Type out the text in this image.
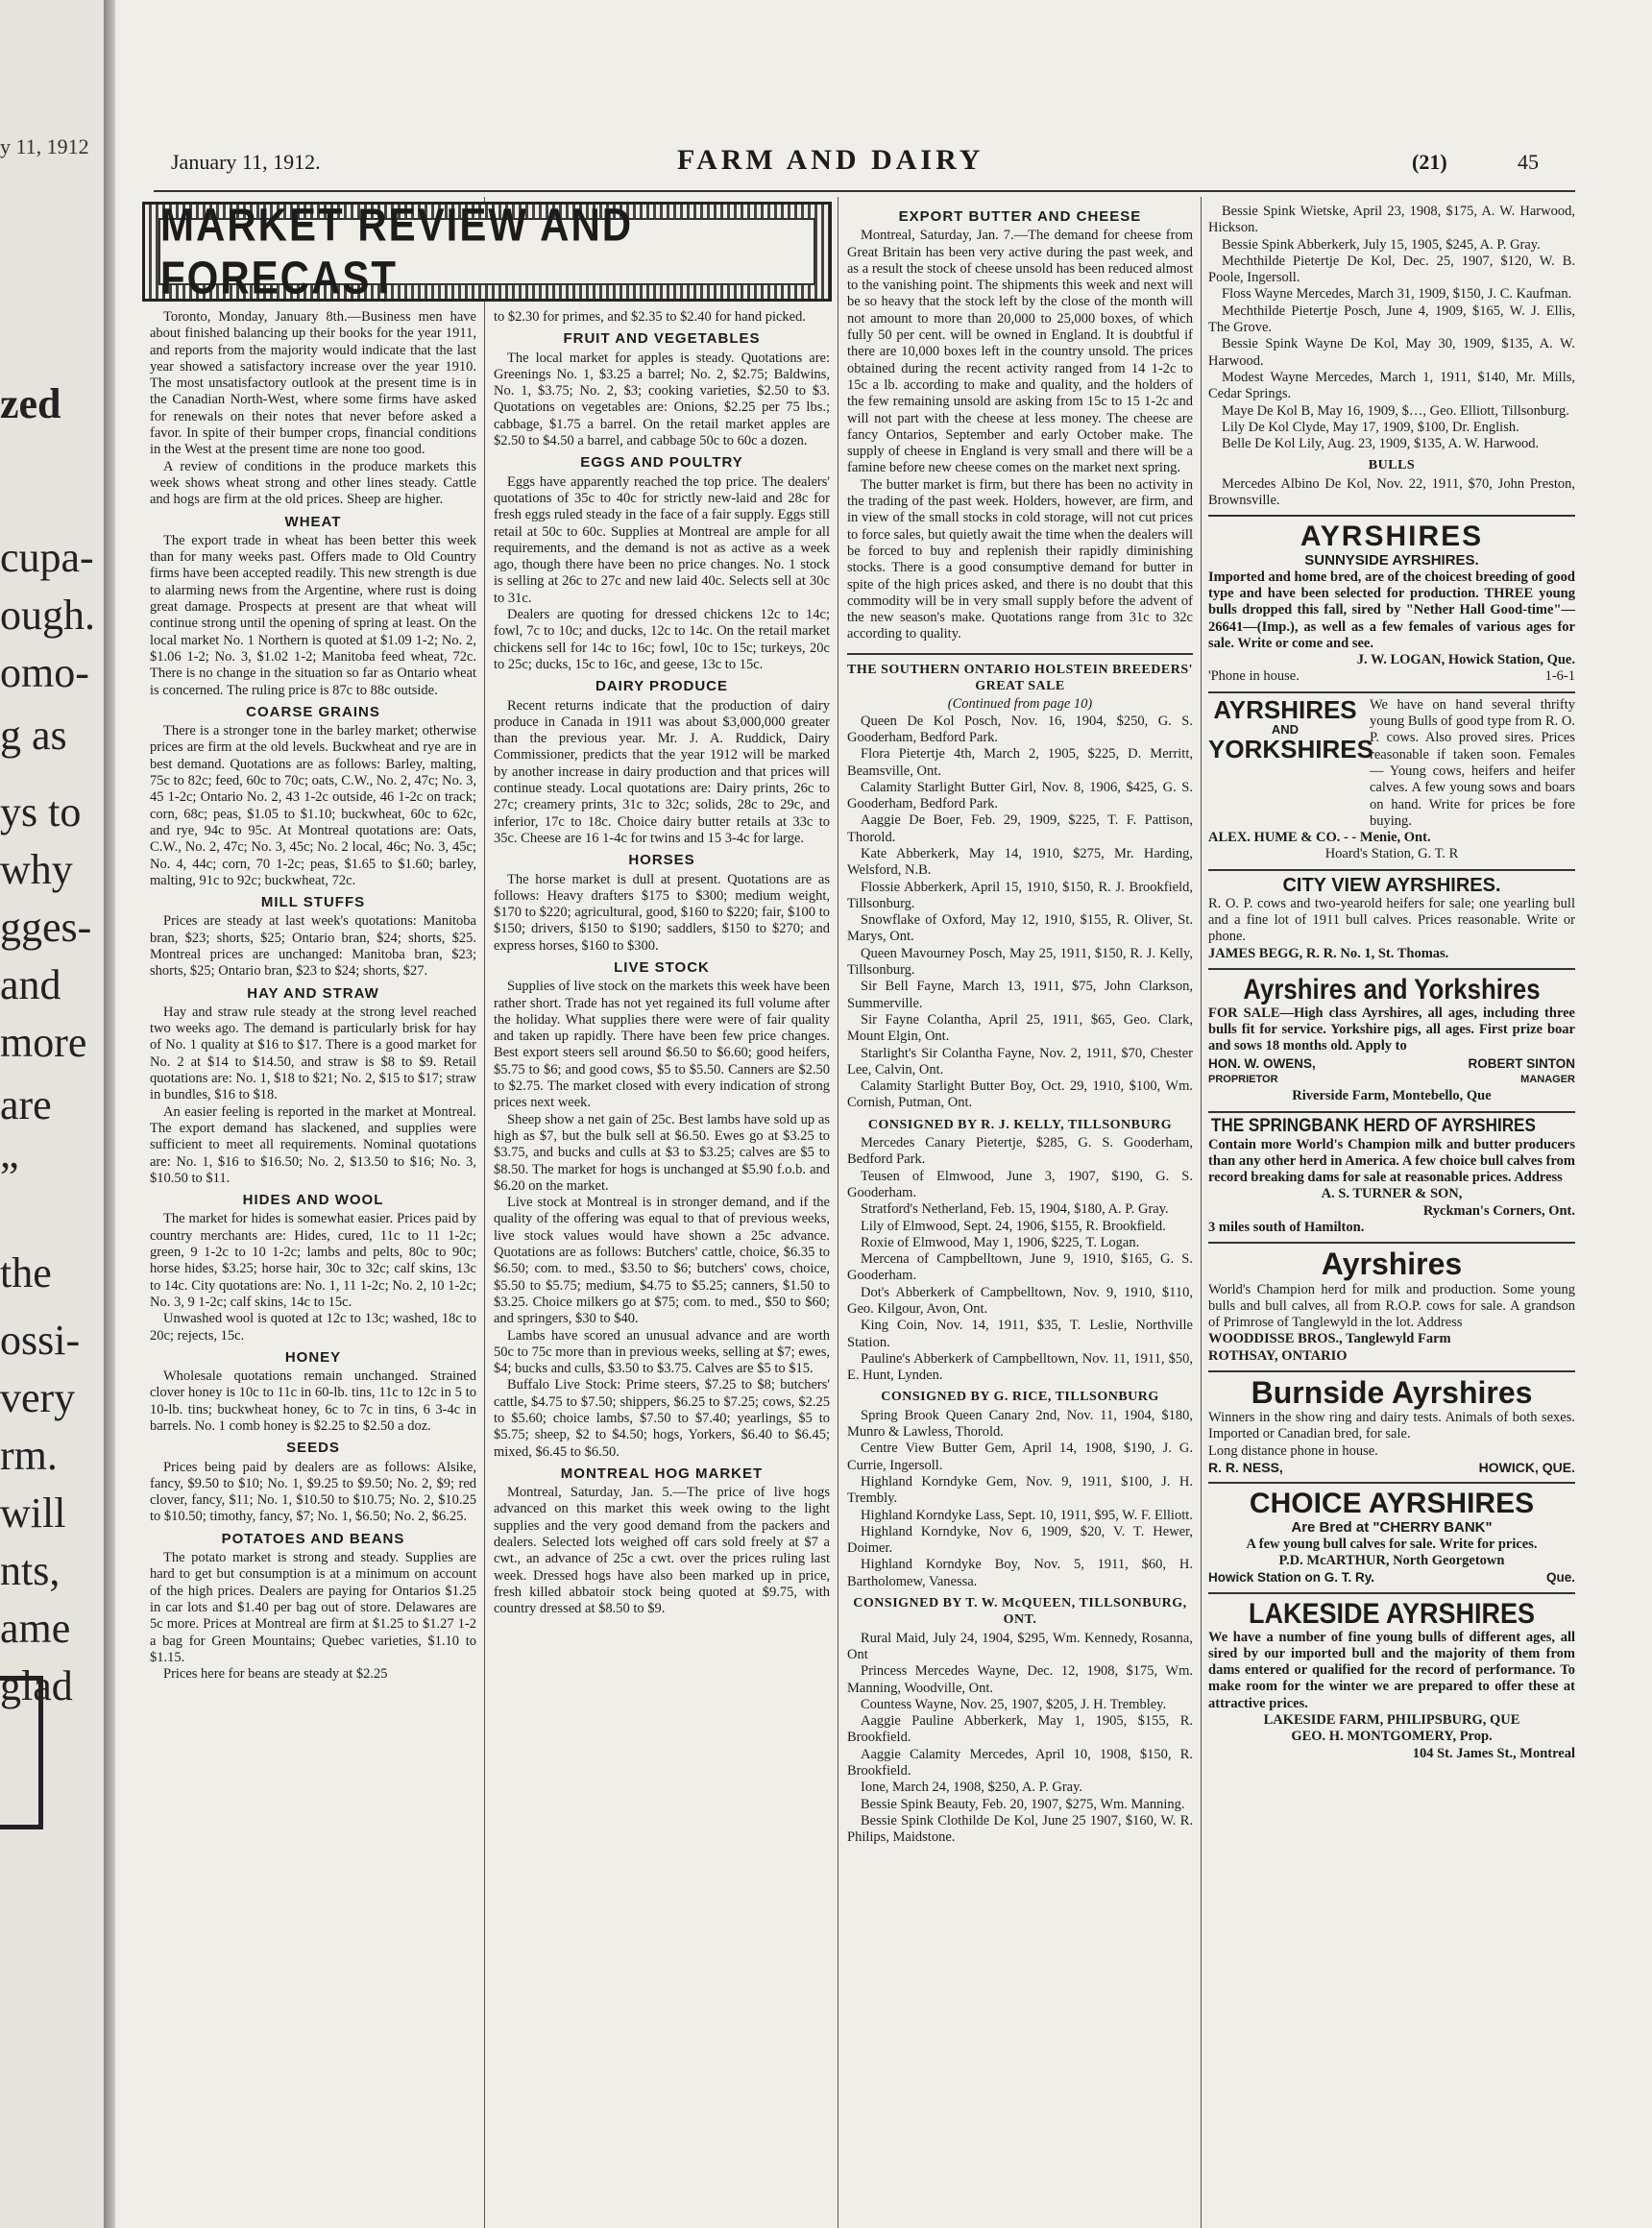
y 11, 1912
zed
cupa-
ough.
omo-
g as
ys to
why
gges-
and
more
are
”
the
ossi-
very
rm.
will
nts,
ame
glad
January 11, 1912.	FARM AND DAIRY	(21)	45
MARKET REVIEW AND FORECAST

Toronto, Monday, January 8th.—Business men have about finished balancing up their books for the year 1911, and reports from the majority would indicate that the last year showed a satisfactory increase over the year 1910. The most unsatisfactory outlook at the present time is in the Canadian North-West, where some firms have asked for renewals on their notes that never before asked a favor. In spite of their bumper crops, financial conditions in the West at the present time are none too good.

A review of conditions in the produce markets this week shows wheat strong and other lines steady. Cattle and hogs are firm at the old prices. Sheep are higher.

WHEAT

The export trade in wheat has been better this week than for many weeks past. Offers made to Old Country firms have been accepted readily. This new strength is due to alarming news from the Argentine, where rust is doing great damage. Prospects at present are that wheat will continue strong until the opening of spring at least. On the local market No. 1 Northern is quoted at $1.09 1-2; No. 2, $1.06 1-2; No. 3, $1.02 1-2; Manitoba feed wheat, 72c. There is no change in the situation so far as Ontario wheat is concerned. The ruling price is 87c to 88c outside.

COARSE GRAINS

There is a stronger tone in the barley market; otherwise prices are firm at the old levels. Buckwheat and rye are in best demand. Quotations are as follows: Barley, malting, 75c to 82c; feed, 60c to 70c; oats, C.W., No. 2, 47c; No. 3, 45 1-2c; Ontario No. 2, 43 1-2c outside, 46 1-2c on track; corn, 68c; peas, $1.05 to $1.10; buckwheat, 60c to 62c, and rye, 94c to 95c. At Montreal quotations are: Oats, C.W., No. 2, 47c; No. 3, 45c; No. 2 local, 46c; No. 3, 45c; No. 4, 44c; corn, 70 1-2c; peas, $1.65 to $1.60; barley, malting, 91c to 92c; buckwheat, 72c.

MILL STUFFS

Prices are steady at last week's quotations: Manitoba bran, $23; shorts, $25; Ontario bran, $24; shorts, $25. Montreal prices are unchanged: Manitoba bran, $23; shorts, $25; Ontario bran, $23 to $24; shorts, $27.

HAY AND STRAW

Hay and straw rule steady at the strong level reached two weeks ago. The demand is particularly brisk for hay of No. 1 quality at $16 to $17. There is a good market for No. 2 at $14 to $14.50, and straw is $8 to $9. Retail quotations are: No. 1, $18 to $21; No. 2, $15 to $17; straw in bundles, $16 to $18.

An easier feeling is reported in the market at Montreal. The export demand has slackened, and supplies were sufficient to meet all requirements. Nominal quotations are: No. 1, $16 to $16.50; No. 2, $13.50 to $16; No. 3, $10.50 to $11.

HIDES AND WOOL

The market for hides is somewhat easier. Prices paid by country merchants are: Hides, cured, 11c to 11 1-2c; green, 9 1-2c to 10 1-2c; lambs and pelts, 80c to 90c; horse hides, $3.25; horse hair, 30c to 32c; calf skins, 13c to 14c. City quotations are: No. 1, 11 1-2c; No. 2, 10 1-2c; No. 3, 9 1-2c; calf skins, 14c to 15c.

Unwashed wool is quoted at 12c to 13c; washed, 18c to 20c; rejects, 15c.

HONEY

Wholesale quotations remain unchanged. Strained clover honey is 10c to 11c in 60-lb. tins, 11c to 12c in 5 to 10-lb. tins; buckwheat honey, 6c to 7c in tins, 6 3-4c in barrels. No. 1 comb honey is $2.25 to $2.50 a doz.

SEEDS

Prices being paid by dealers are as follows: Alsike, fancy, $9.50 to $10; No. 1, $9.25 to $9.50; No. 2, $9; red clover, fancy, $11; No. 1, $10.50 to $10.75; No. 2, $10.25 to $10.50; timothy, fancy, $7; No. 1, $6.50; No. 2, $6.25.

POTATOES AND BEANS

The potato market is strong and steady. Supplies are hard to get but consumption is at a minimum on account of the high prices. Dealers are paying for Ontarios $1.25 in car lots and $1.40 per bag out of store. Delawares are 5c more. Prices at Montreal are firm at $1.25 to $1.27 1-2 a bag for Green Mountains; Quebec varieties, $1.10 to $1.15.

Prices here for beans are steady at $2.25

to $2.30 for primes, and $2.35 to $2.40 for hand picked.

FRUIT AND VEGETABLES

The local market for apples is steady. Quotations are: Greenings No. 1, $3.25 a barrel; No. 2, $2.75; Baldwins, No. 1, $3.75; No. 2, $3; cooking varieties, $2.50 to $3. Quotations on vegetables are: Onions, $2.25 per 75 lbs.; cabbage, $1.75 a barrel. On the retail market apples are $2.50 to $4.50 a barrel, and cabbage 50c to 60c a dozen.

EGGS AND POULTRY

Eggs have apparently reached the top price. The dealers' quotations of 35c to 40c for strictly new-laid and 28c for fresh eggs ruled steady in the face of a fair supply. Eggs still retail at 50c to 60c. Supplies at Montreal are ample for all requirements, and the demand is not as active as a week ago, though there have been no price changes. No. 1 stock is selling at 26c to 27c and new laid 40c. Selects sell at 30c to 31c.

Dealers are quoting for dressed chickens 12c to 14c; fowl, 7c to 10c; and ducks, 12c to 14c. On the retail market chickens sell for 14c to 16c; fowl, 10c to 15c; turkeys, 20c to 25c; ducks, 15c to 16c, and geese, 13c to 15c.

DAIRY PRODUCE

Recent returns indicate that the production of dairy produce in Canada in 1911 was about $3,000,000 greater than the previous year. Mr. J. A. Ruddick, Dairy Commissioner, predicts that the year 1912 will be marked by another increase in dairy production and that prices will continue steady. Local quotations are: Dairy prints, 26c to 27c; creamery prints, 31c to 32c; solids, 28c to 29c, and inferior, 17c to 18c. Choice dairy butter retails at 33c to 35c. Cheese are 16 1-4c for twins and 15 3-4c for large.

HORSES

The horse market is dull at present. Quotations are as follows: Heavy drafters $175 to $300; medium weight, $170 to $220; agricultural, good, $160 to $220; fair, $100 to $150; drivers, $150 to $190; saddlers, $150 to $270; and express horses, $160 to $300.

LIVE STOCK

Supplies of live stock on the markets this week have been rather short. Trade has not yet regained its full volume after the holiday. What supplies there were were of fair quality and taken up rapidly. There have been few price changes. Best export steers sell around $6.50 to $6.60; good heifers, $5.75 to $6; and good cows, $5 to $5.50. Canners are $2.50 to $2.75. The market closed with every indication of strong prices next week.

Sheep show a net gain of 25c. Best lambs have sold up as high as $7, but the bulk sell at $6.50. Ewes go at $3.25 to $3.75, and bucks and culls at $3 to $3.25; calves are $5 to $8.50. The market for hogs is unchanged at $5.90 f.o.b. and $6.20 on the market.

Live stock at Montreal is in stronger demand, and if the quality of the offering was equal to that of previous weeks, live stock values would have shown a 25c advance. Quotations are as follows: Butchers' cattle, choice, $6.35 to $6.50; com. to med., $3.50 to $6; butchers' cows, choice, $5.50 to $5.75; medium, $4.75 to $5.25; canners, $1.50 to $3.25. Choice milkers go at $75; com. to med., $50 to $60; and springers, $30 to $40.

Lambs have scored an unusual advance and are worth 50c to 75c more than in previous weeks, selling at $7; ewes, $4; bucks and culls, $3.50 to $3.75. Calves are $5 to $15.

Buffalo Live Stock: Prime steers, $7.25 to $8; butchers' cattle, $4.75 to $7.50; shippers, $6.25 to $7.25; cows, $2.25 to $5.60; choice lambs, $7.50 to $7.40; yearlings, $5 to $5.75; sheep, $2 to $4.50; hogs, Yorkers, $6.40 to $6.45; mixed, $6.45 to $6.50.

MONTREAL HOG MARKET

Montreal, Saturday, Jan. 5.—The price of live hogs advanced on this market this week owing to the light supplies and the very good demand from the packers and dealers. Selected lots weighed off cars sold freely at $7 a cwt., an advance of 25c a cwt. over the prices ruling last week. Dressed hogs have also been marked up in price, fresh killed abbatoir stock being quoted at $9.75, with country dressed at $8.50 to $9.

EXPORT BUTTER AND CHEESE

Montreal, Saturday, Jan. 7.—The demand for cheese from Great Britain has been very active during the past week, and as a result the stock of cheese unsold has been reduced almost to the vanishing point. The shipments this week and next will be so heavy that the stock left by the close of the month will not amount to more than 20,000 to 25,000 boxes, of which fully 50 per cent. will be owned in England. It is doubtful if there are 10,000 boxes left in the country unsold. The prices obtained during the recent activity ranged from 14 1-2c to 15c a lb. according to make and quality, and the holders of the few remaining unsold are asking from 15c to 15 1-2c and will not part with the cheese at less money. The cheese are fancy Ontarios, September and early October make. The supply of cheese in England is very small and there will be a famine before new cheese comes on the market next spring.

The butter market is firm, but there has been no activity in the trading of the past week. Holders, however, are firm, and in view of the small stocks in cold storage, will not cut prices to force sales, but quietly await the time when the dealers will be forced to buy and replenish their rapidly diminishing stocks. There is a good consumptive demand for butter in spite of the high prices asked, and there is no doubt that this commodity will be in very small supply before the advent of the new season's make. Quotations range from 31c to 32c according to quality.

THE SOUTHERN ONTARIO HOLSTEIN BREEDERS' GREAT SALE
(Continued from page 10)

Queen De Kol Posch, Nov. 16, 1904, $250, G. S. Gooderham, Bedford Park.

Flora Pietertje 4th, March 2, 1905, $225, D. Merritt, Beamsville, Ont.

Calamity Starlight Butter Girl, Nov. 8, 1906, $425, G. S. Gooderham, Bedford Park.

Aaggie De Boer, Feb. 29, 1909, $225, T. F. Pattison, Thorold.

Kate Abberkerk, May 14, 1910, $275, Mr. Harding, Welsford, N.B.

Flossie Abberkerk, April 15, 1910, $150, R. J. Brookfield, Tillsonburg.

Snowflake of Oxford, May 12, 1910, $155, R. Oliver, St. Marys, Ont.

Queen Mavourney Posch, May 25, 1911, $150, R. J. Kelly, Tillsonburg.

Sir Bell Fayne, March 13, 1911, $75, John Clarkson, Summerville.

Sir Fayne Colantha, April 25, 1911, $65, Geo. Clark, Mount Elgin, Ont.

Starlight's Sir Colantha Fayne, Nov. 2, 1911, $70, Chester Lee, Calvin, Ont.

Calamity Starlight Butter Boy, Oct. 29, 1910, $100, Wm. Cornish, Putman, Ont.

CONSIGNED BY R. J. KELLY, TILLSONBURG

Mercedes Canary Pietertje, $285, G. S. Gooderham, Bedford Park.

Teusen of Elmwood, June 3, 1907, $190, G. S. Gooderham.

Stratford's Netherland, Feb. 15, 1904, $180, A. P. Gray.

Lily of Elmwood, Sept. 24, 1906, $155, R. Brookfield.

Roxie of Elmwood, May 1, 1906, $225, T. Logan.

Mercena of Campbelltown, June 9, 1910, $165, G. S. Gooderham.

Dot's Abberkerk of Campbelltown, Nov. 9, 1910, $110, Geo. Kilgour, Avon, Ont.

King Coin, Nov. 14, 1911, $35, T. Leslie, Northville Station.

Pauline's Abberkerk of Campbelltown, Nov. 11, 1911, $50, E. Hunt, Lynden.

CONSIGNED BY G. RICE, TILLSONBURG

Spring Brook Queen Canary 2nd, Nov. 11, 1904, $180, Munro & Lawless, Thorold.

Centre View Butter Gem, April 14, 1908, $190, J. G. Currie, Ingersoll.

Highland Korndyke Gem, Nov. 9, 1911, $100, J. H. Trembly.

Highland Korndyke Lass, Sept. 10, 1911, $95, W. F. Elliott.

Highland Korndyke, Nov 6, 1909, $20, V. T. Hewer, Doimer.

Highland Korndyke Boy, Nov. 5, 1911, $60, H. Bartholomew, Vanessa.

CONSIGNED BY T. W. McQUEEN, TILLSONBURG, ONT.

Rural Maid, July 24, 1904, $295, Wm. Kennedy, Rosanna, Ont

Princess Mercedes Wayne, Dec. 12, 1908, $175, Wm. Manning, Woodville, Ont.

Countess Wayne, Nov. 25, 1907, $205, J. H. Trembley.

Aaggie Pauline Abberkerk, May 1, 1905, $155, R. Brookfield.

Aaggie Calamity Mercedes, April 10, 1908, $150, R. Brookfield.

Ione, March 24, 1908, $250, A. P. Gray.

Bessie Spink Beauty, Feb. 20, 1907, $275, Wm. Manning.

Bessie Spink Clothilde De Kol, June 25 1907, $160, W. R. Philips, Maidstone.

Bessie Spink Wietske, April 23, 1908, $175, A. W. Harwood, Hickson.

Bessie Spink Abberkerk, July 15, 1905, $245, A. P. Gray.

Mechthilde Pietertje De Kol, Dec. 25, 1907, $120, W. B. Poole, Ingersoll.

Floss Wayne Mercedes, March 31, 1909, $150, J. C. Kaufman.

Mechthilde Pietertje Posch, June 4, 1909, $165, W. J. Ellis, The Grove.

Bessie Spink Wayne De Kol, May 30, 1909, $135, A. W. Harwood.

Modest Wayne Mercedes, March 1, 1911, $140, Mr. Mills, Cedar Springs.

Maye De Kol B, May 16, 1909, $…, Geo. Elliott, Tillsonburg.

Lily De Kol Clyde, May 17, 1909, $100, Dr. English.

Belle De Kol Lily, Aug. 23, 1909, $135, A. W. Harwood.

BULLS

Mercedes Albino De Kol, Nov. 22, 1911, $70, John Preston, Brownsville.

AYRSHIRES
SUNNYSIDE AYRSHIRES.

Imported and home bred, are of the choicest breeding of good type and have been selected for production. THREE young bulls dropped this fall, sired by "Nether Hall Good-time"—26641—(Imp.), as well as a few females of various ages for sale. Write or come and see.

J. W. LOGAN, Howick Station, Que.

'Phone in house.	1-6-1
AYRSHIRES
AND
YORKSHIRES

We have on hand several thrifty young Bulls of good type from R. O. P. cows. Also proved sires. Prices reasonable if taken soon. Females — Young cows, heifers and heifer calves. A few young sows and boars on hand. Write for prices be fore buying.

ALEX. HUME & CO. - - Menie, Ont.

Hoard's Station, G. T. R

CITY VIEW AYRSHIRES.

R. O. P. cows and two-yearold heifers for sale; one yearling bull and a fine lot of 1911 bull calves. Prices reasonable. Write or phone.

JAMES BEGG, R. R. No. 1, St. Thomas.

Ayrshires and Yorkshires

FOR SALE—High class Ayrshires, all ages, including three bulls fit for service. Yorkshire pigs, all ages. First prize boar and sows 18 months old. Apply to

HON. W. OWENS,	ROBERT SINTON
PROPRIETOR	MANAGER

Riverside Farm, Montebello, Que

THE SPRINGBANK HERD OF AYRSHIRES

Contain more World's Champion milk and butter producers than any other herd in America. A few choice bull calves from record breaking dams for sale at reasonable prices. Address

A. S. TURNER & SON,

Ryckman's Corners, Ont.

3 miles south of Hamilton.

Ayrshires

World's Champion herd for milk and production. Some young bulls and bull calves, all from R.O.P. cows for sale. A grandson of Primrose of Tanglewyld in the lot. Address

WOODDISSE BROS., Tanglewyld Farm

ROTHSAY, ONTARIO

Burnside Ayrshires

Winners in the show ring and dairy tests. Animals of both sexes. Imported or Canadian bred, for sale.

Long distance phone in house.

R. R. NESS,	HOWICK, QUE.
CHOICE AYRSHIRES
Are Bred at "CHERRY BANK"

A few young bull calves for sale. Write for prices.

P.D. McARTHUR, North Georgetown

Howick Station on G. T. Ry.	Que.
LAKESIDE AYRSHIRES

We have a number of fine young bulls of different ages, all sired by our imported bull and the majority of them from dams entered or qualified for the record of performance. To make room for the winter we are prepared to offer these at attractive prices.

LAKESIDE FARM, PHILIPSBURG, QUE

GEO. H. MONTGOMERY, Prop.

104 St. James St., Montreal
